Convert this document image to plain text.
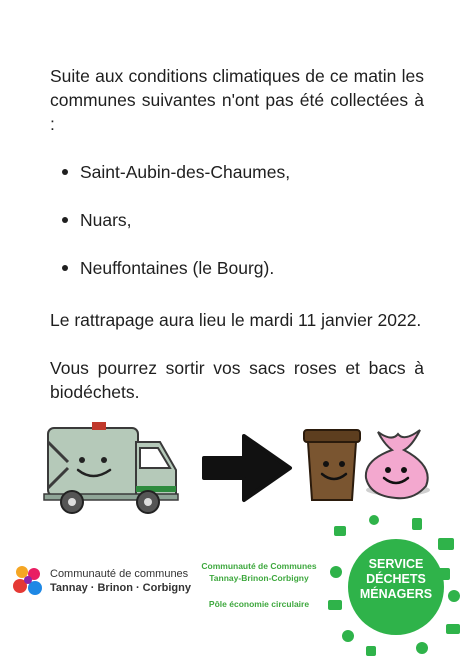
Suite aux conditions climatiques de ce matin les communes suivantes n'ont pas été collectées à :

Saint-Aubin-des-Chaumes,
Nuars,
Neuffontaines (le Bourg).

Le rattrapage aura lieu le mardi 11 janvier 2022.

Vous pourrez sortir vos sacs roses et bacs à biodéchets.

Communauté de communes
Tannay · Brinon · Corbigny
Communauté de Communes
Tannay-Brinon-Corbigny
Pôle économie circulaire
SERVICE
DÉCHETS
MÉNAGERS
